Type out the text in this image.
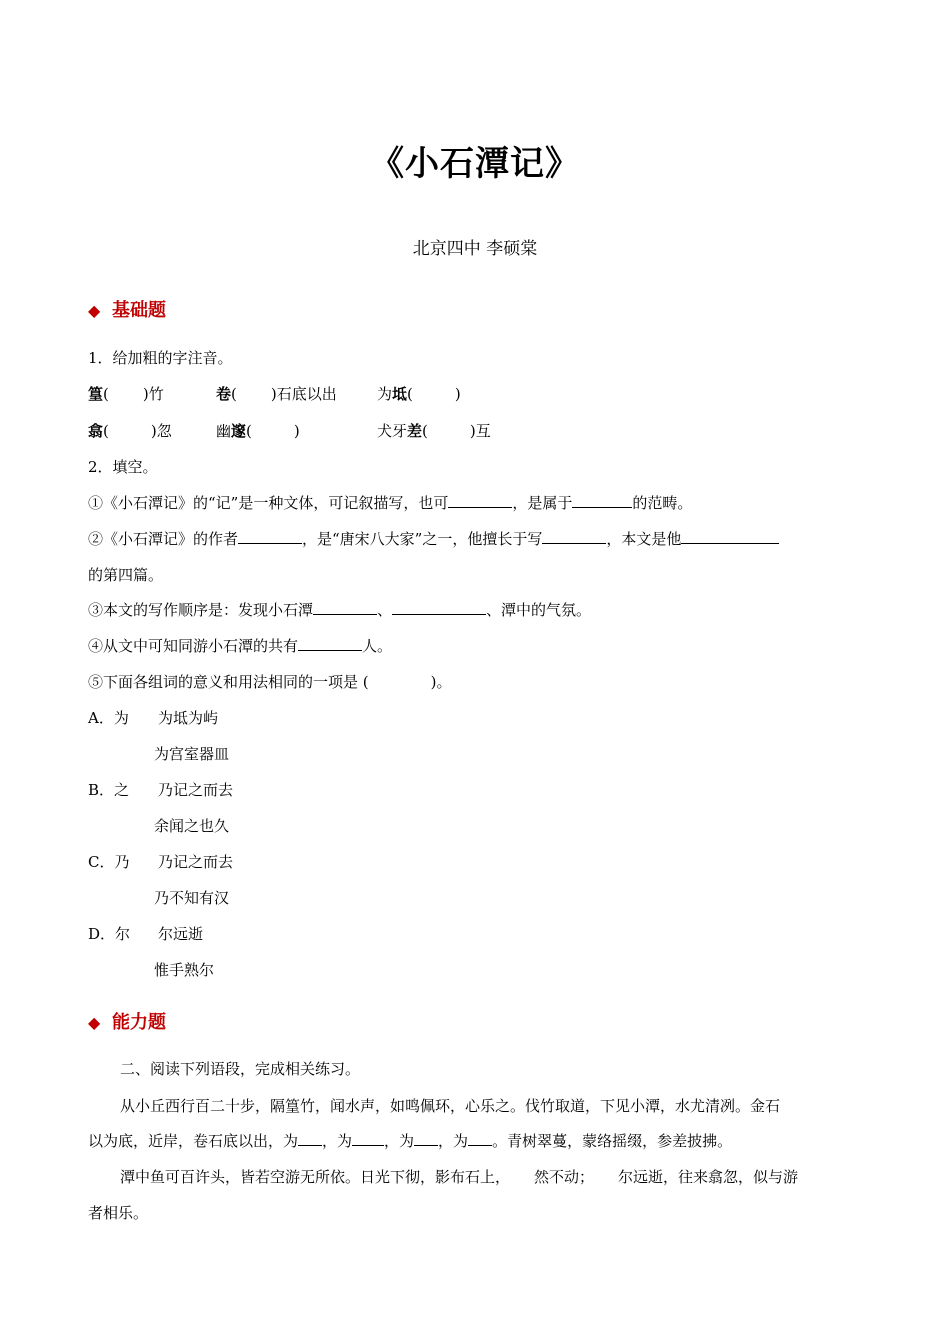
《小石潭记》
北京四中 李硕棠
◆ 基础题
1．给加粗的字注音。
篁( )竹	卷( )石底以出	为坻(	)
翕(	)忽	幽邃(	)	犬牙差(	)互
2．填空。
①《小石潭记》的“记”是一种文体，可记叙描写，也可	，是属于	的范畴。
②《小石潭记》的作者	，是“唐宋八大家”之一，他擅长于写	，本文是他
的第四篇。
③本文的写作顺序是：发现小石潭	、	、潭中的气氛。
④从文中可知同游小石潭的共有	人。
⑤下面各组词的意义和用法相同的一项是 (	)。
A．为 为坻为屿
为宫室器皿
B．之 乃记之而去
余闻之也久
C．乃 乃记之而去
乃不知有汉
D．尔 尔远逝
惟手熟尔
◆ 能力题
二、阅读下列语段，完成相关练习。
从小丘西行百二十步，隔篁竹，闻水声，如鸣佩环，心乐之。伐竹取道，下见小潭，水尤清冽。金石
以为底，近岸，卷石底以出，为 ，为 ，为 ，为 。青树翠蔓，蒙络摇缀，参差披拂。
潭中鱼可百许头，皆若空游无所依。日光下彻，影布石上， 然不动； 尔远逝，往来翕忽，似与游
者相乐。
